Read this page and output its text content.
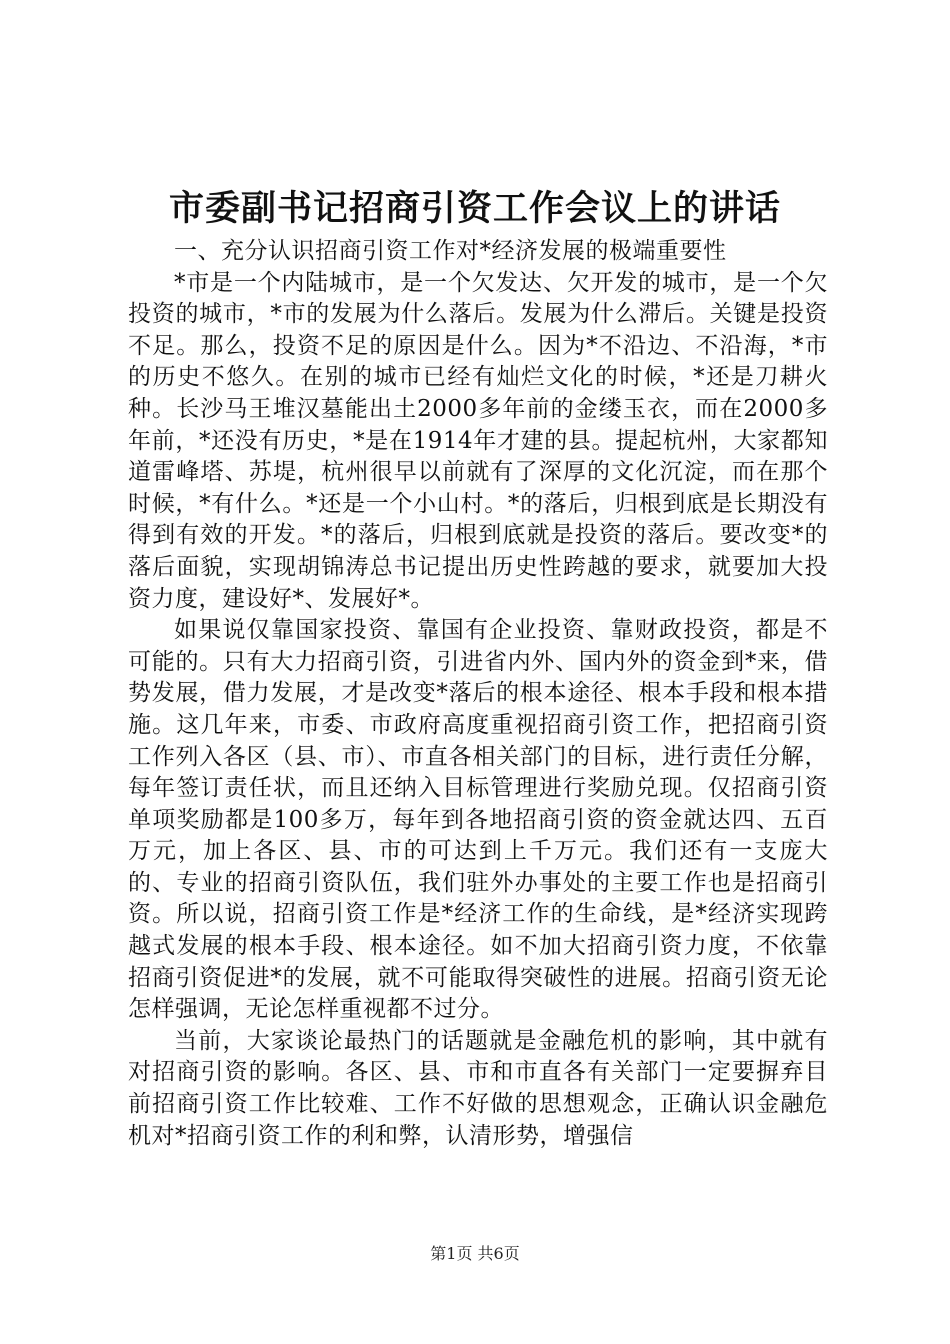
市委副书记招商引资工作会议上的讲话

一、充分认识招商引资工作对*经济发展的极端重要性

*市是一个内陆城市，是一个欠发达、欠开发的城市，是一个欠投资的城市，*市的发展为什么落后。发展为什么滞后。关键是投资不足。那么，投资不足的原因是什么。因为*不沿边、不沿海，*市的历史不悠久。在别的城市已经有灿烂文化的时候，*还是刀耕火种。长沙马王堆汉墓能出土2000多年前的金缕玉衣，而在2000多年前，*还没有历史，*是在1914年才建的县。提起杭州，大家都知道雷峰塔、苏堤，杭州很早以前就有了深厚的文化沉淀，而在那个时候，*有什么。*还是一个小山村。*的落后，归根到底是长期没有得到有效的开发。*的落后，归根到底就是投资的落后。要改变*的落后面貌，实现胡锦涛总书记提出历史性跨越的要求，就要加大投资力度，建设好*、发展好*。

如果说仅靠国家投资、靠国有企业投资、靠财政投资，都是不可能的。只有大力招商引资，引进省内外、国内外的资金到*来，借势发展，借力发展，才是改变*落后的根本途径、根本手段和根本措施。这几年来，市委、市政府高度重视招商引资工作，把招商引资工作列入各区（县、市）、市直各相关部门的目标，进行责任分解，每年签订责任状，而且还纳入目标管理进行奖励兑现。仅招商引资单项奖励都是100多万，每年到各地招商引资的资金就达四、五百万元，加上各区、县、市的可达到上千万元。我们还有一支庞大的、专业的招商引资队伍，我们驻外办事处的主要工作也是招商引资。所以说，招商引资工作是*经济工作的生命线，是*经济实现跨越式发展的根本手段、根本途径。如不加大招商引资力度，不依靠招商引资促进*的发展，就不可能取得突破性的进展。招商引资无论怎样强调，无论怎样重视都不过分。

当前，大家谈论最热门的话题就是金融危机的影响，其中就有对招商引资的影响。各区、县、市和市直各有关部门一定要摒弃目前招商引资工作比较难、工作不好做的思想观念，正确认识金融危机对*招商引资工作的利和弊，认清形势，增强信

第1页 共6页
